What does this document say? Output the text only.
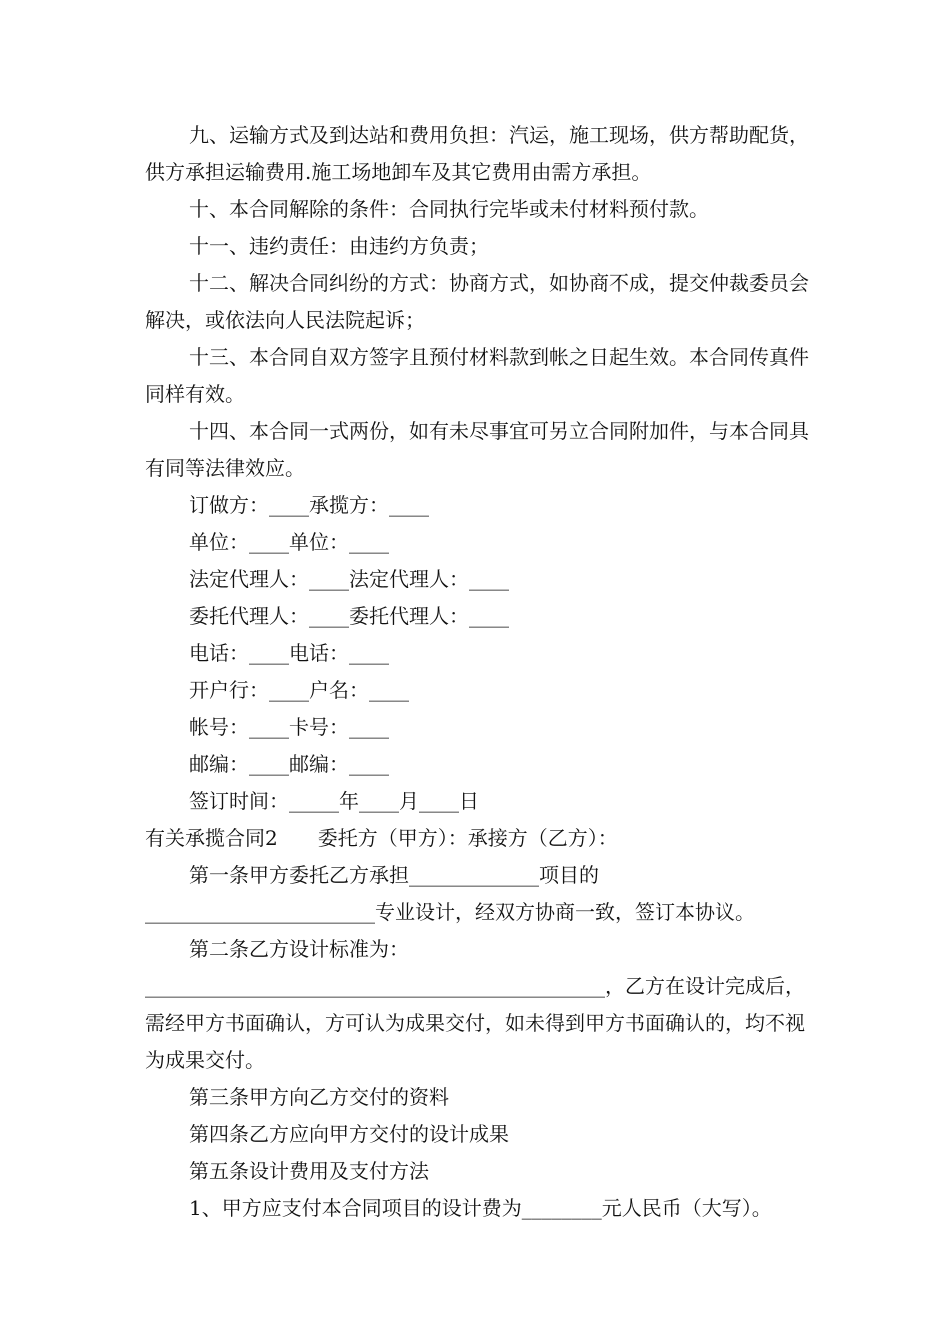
九、运输方式及到达站和费用负担：汽运，施工现场，供方帮助配货，供方承担运输费用.施工场地卸车及其它费用由需方承担。

十、本合同解除的条件：合同执行完毕或未付材料预付款。

十一、违约责任：由违约方负责；

十二、解决合同纠纷的方式：协商方式，如协商不成，提交仲裁委员会解决，或依法向人民法院起诉；

十三、本合同自双方签字且预付材料款到帐之日起生效。本合同传真件同样有效。

十四、本合同一式两份，如有未尽事宜可另立合同附加件，与本合同具有同等法律效应。

订做方：____承揽方：____

单位：____单位：____

法定代理人：____法定代理人：____

委托代理人：____委托代理人：____

电话：____电话：____

开户行：____户名：____

帐号：____卡号：____

邮编：____邮编：____

签订时间：_____年____月____日

有关承揽合同2　　委托方（甲方）：承接方（乙方）：

第一条甲方委托乙方承担_____________项目的_______________________专业设计，经双方协商一致，签订本协议。

第二条乙方设计标准为：______________________________________________，乙方在设计完成后，需经甲方书面确认，方可认为成果交付，如未得到甲方书面确认的，均不视为成果交付。

第三条甲方向乙方交付的资料

第四条乙方应向甲方交付的设计成果

第五条设计费用及支付方法

1、甲方应支付本合同项目的设计费为________元人民币（大写）。
